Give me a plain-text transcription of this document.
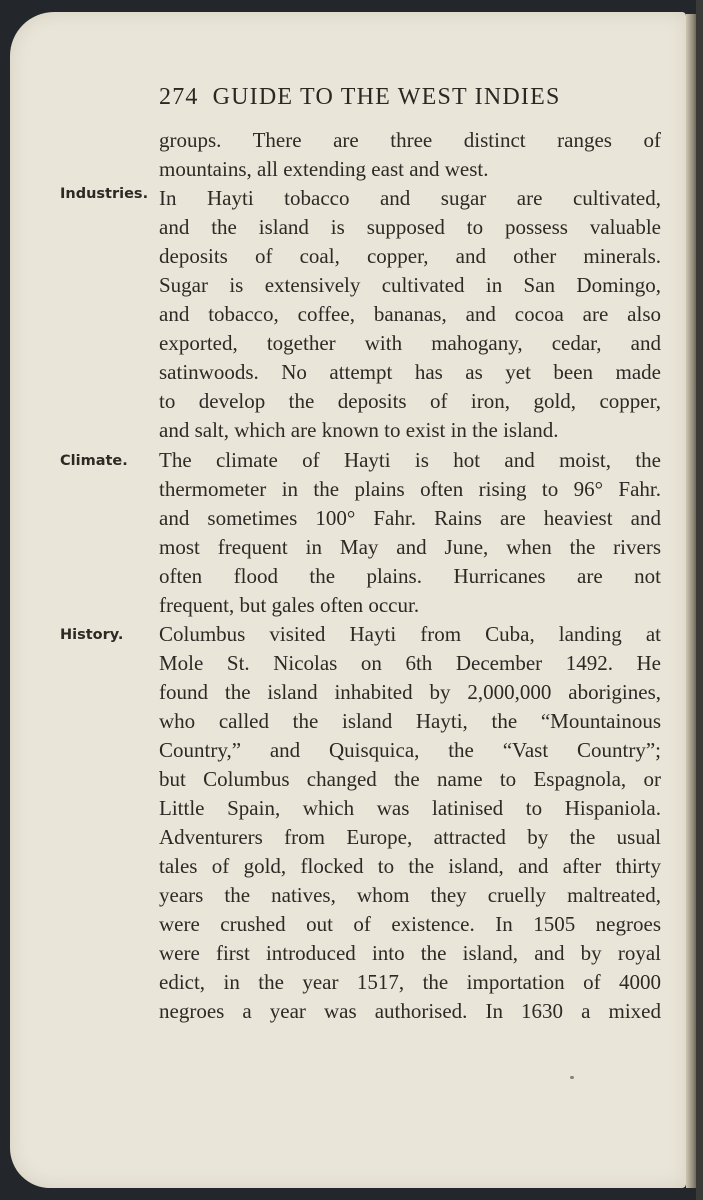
274 GUIDE TO THE WEST INDIES
Industries.
Climate.
History.
groups. There are three distinct ranges of
mountains, all extending east and west.
In Hayti tobacco and sugar are cultivated,
and the island is supposed to possess valuable
deposits of coal, copper, and other minerals.
Sugar is extensively cultivated in San Domingo,
and tobacco, coffee, bananas, and cocoa are also
exported, together with mahogany, cedar, and
satinwoods. No attempt has as yet been made
to develop the deposits of iron, gold, copper,
and salt, which are known to exist in the island.
The climate of Hayti is hot and moist, the
thermometer in the plains often rising to 96° Fahr.
and sometimes 100° Fahr. Rains are heaviest and
most frequent in May and June, when the rivers
often flood the plains. Hurricanes are not
frequent, but gales often occur.
Columbus visited Hayti from Cuba, landing at
Mole St. Nicolas on 6th December 1492. He
found the island inhabited by 2,000,000 aborigines,
who called the island Hayti, the “Mountainous
Country,” and Quisquica, the “Vast Country”;
but Columbus changed the name to Espagnola, or
Little Spain, which was latinised to Hispaniola.
Adventurers from Europe, attracted by the usual
tales of gold, flocked to the island, and after thirty
years the natives, whom they cruelly maltreated,
were crushed out of existence. In 1505 negroes
were first introduced into the island, and by royal
edict, in the year 1517, the importation of 4000
negroes a year was authorised. In 1630 a mixed
